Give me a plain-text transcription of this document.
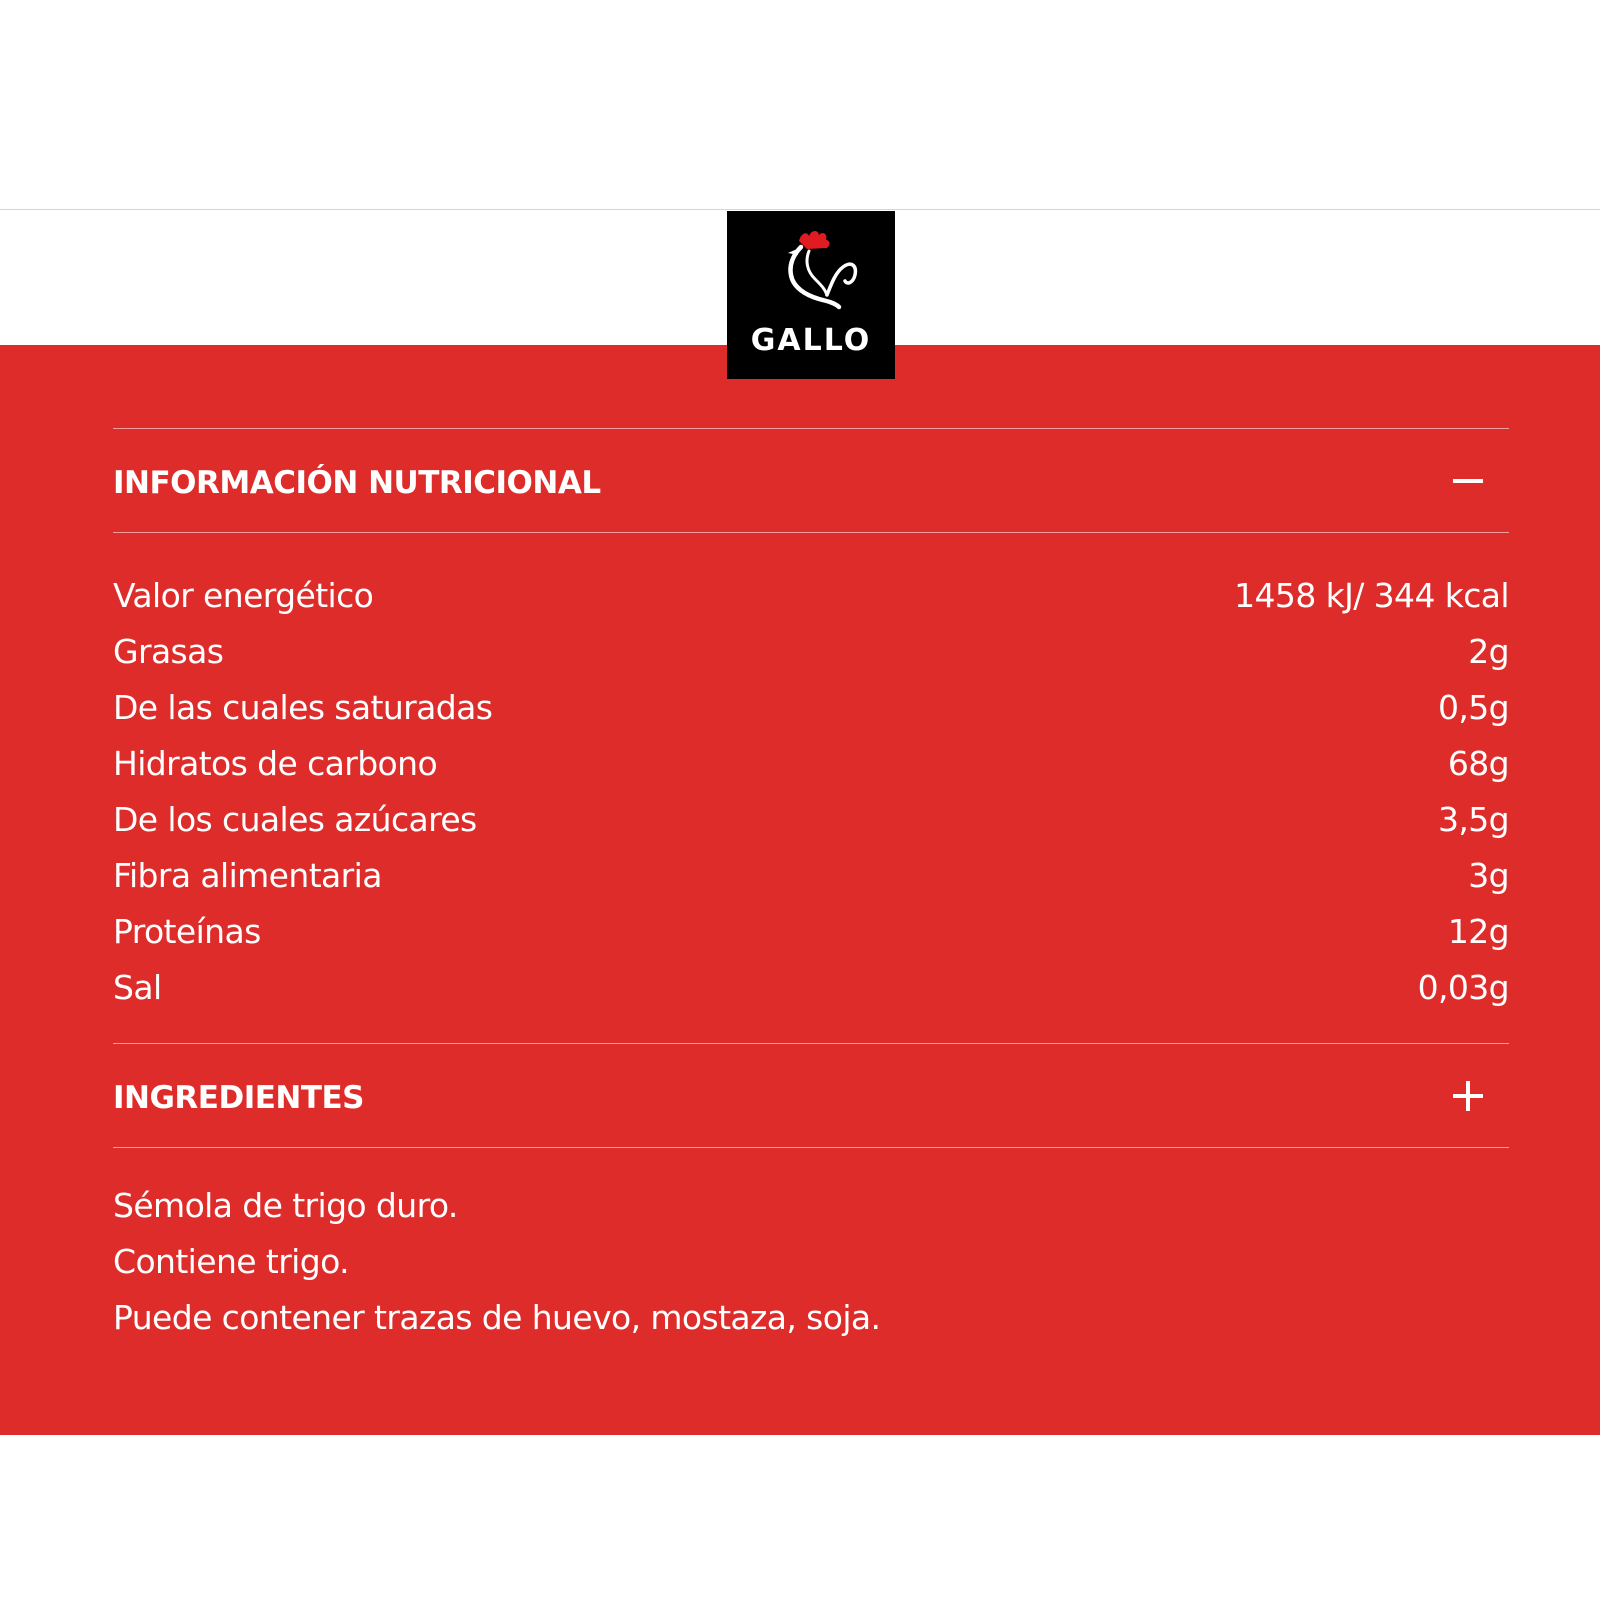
GALLO
INFORMACIÓN NUTRICIONAL
Valor energético	1458 kJ/ 344 kcal
Grasas	2g
De las cuales saturadas	0,5g
Hidratos de carbono	68g
De los cuales azúcares	3,5g
Fibra alimentaria	3g
Proteínas	12g
Sal	0,03g
INGREDIENTES
Sémola de trigo duro.
Contiene trigo.
Puede contener trazas de huevo, mostaza, soja.
